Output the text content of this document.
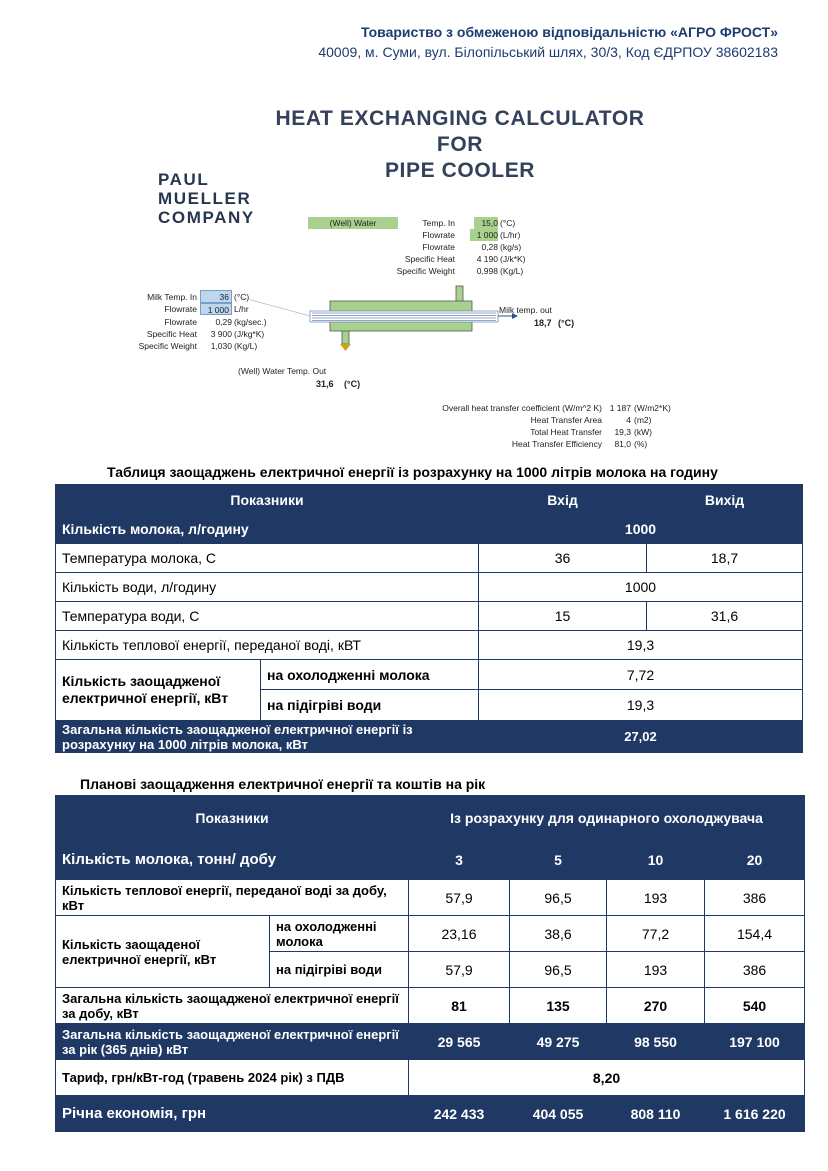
Товариство з обмеженою відповідальністю «АГРО ФРОСТ»
40009, м. Суми, вул. Білопільський шлях, 30/3, Код ЄДРПОУ 38602183
HEAT EXCHANGING CALCULATOR
FOR
PIPE COOLER
PAUL
MUELLER
COMPANY	(Well) Water	Temp. In	15,0 (°C)
Flowrate	1 000 (L/hr)
Flowrate	0,28 (kg/s)
Specific Heat	4 190 (J/k*K)
Specific Weight	0,998 (Kg/L)
Milk Temp. In	36 (°C)
Flowrate	1 000 L/hr
Flowrate	0,29 (kg/sec.)
Specific Heat	3 900 (J/kg*K)
Specific Weight	1,030 (Kg/L)
Milk temp. out
18,7 (°C)
(Well) Water Temp. Out
31,6 (°C)
Overall heat transfer coefficient (W/m^2 K) 1 187 (W/m2*K)
Heat Transfer Area	4 (m2)
Total Heat Transfer	19,3 (kW)
Heat Transfer Efficiency	81,0 (%)
Таблиця заощаджень електричної енергії із розрахунку на 1000 літрів молока на годину
Показники		Вхід	Вихід
Кількість молока, л/годину		1000	
Температура молока, С		36	18,7
Кількість води, л/годину		1000	
Температура води, С		15	31,6
Кількість теплової енергії, переданої воді, кВТ		19,3	
Кількість заощадженої електричної енергії, кВт	на охолодженні молока	7,72	
	на підігріві води	19,3	
Загальна кількість заощадженої електричної енергії із розрахунку на 1000 літрів молока, кВт		27,02	
Планові заощадження електричної енергії та коштів на рік
Показники		Із розрахунку для одинарного охолоджувача			
Кількість молока, тонн/ добу		3	5	10	20
Кількість теплової енергії, переданої воді за добу, кВт		57,9	96,5	193	386
Кількість заощаденої електричної енергії, кВт	на охолодженні молока	23,16	38,6	77,2	154,4
	на підігріві води	57,9	96,5	193	386
Загальна кількість заощадженої електричної енергії за добу, кВт		81	135	270	540
Загальна кількість заощадженої електричної енергії за рік (365 днів) кВт		29 565	49 275	98 550	197 100
Тариф, грн/кВт-год (травень 2024 рік) з ПДВ		8,20			
Річна економія, грн		242 433	404 055	808 110	1 616 220
